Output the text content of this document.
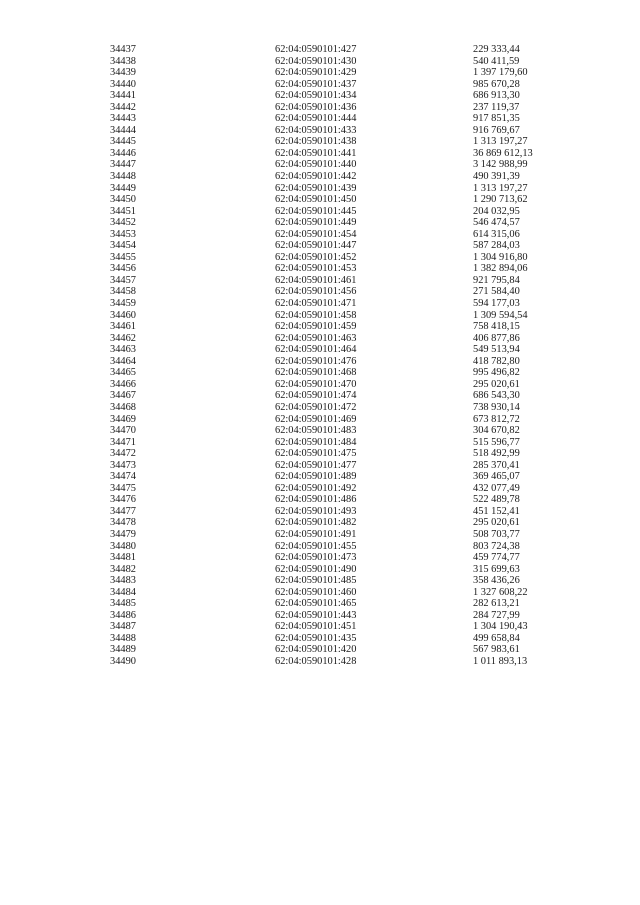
34437	62:04:0590101:427	229 333,44
34438	62:04:0590101:430	540 411,59
34439	62:04:0590101:429	1 397 179,60
34440	62:04:0590101:437	985 670,28
34441	62:04:0590101:434	686 913,30
34442	62:04:0590101:436	237 119,37
34443	62:04:0590101:444	917 851,35
34444	62:04:0590101:433	916 769,67
34445	62:04:0590101:438	1 313 197,27
34446	62:04:0590101:441	36 869 612,13
34447	62:04:0590101:440	3 142 988,99
34448	62:04:0590101:442	490 391,39
34449	62:04:0590101:439	1 313 197,27
34450	62:04:0590101:450	1 290 713,62
34451	62:04:0590101:445	204 032,95
34452	62:04:0590101:449	546 474,57
34453	62:04:0590101:454	614 315,06
34454	62:04:0590101:447	587 284,03
34455	62:04:0590101:452	1 304 916,80
34456	62:04:0590101:453	1 382 894,06
34457	62:04:0590101:461	921 795,84
34458	62:04:0590101:456	271 584,40
34459	62:04:0590101:471	594 177,03
34460	62:04:0590101:458	1 309 594,54
34461	62:04:0590101:459	758 418,15
34462	62:04:0590101:463	406 877,86
34463	62:04:0590101:464	549 513,94
34464	62:04:0590101:476	418 782,80
34465	62:04:0590101:468	995 496,82
34466	62:04:0590101:470	295 020,61
34467	62:04:0590101:474	686 543,30
34468	62:04:0590101:472	738 930,14
34469	62:04:0590101:469	673 812,72
34470	62:04:0590101:483	304 670,82
34471	62:04:0590101:484	515 596,77
34472	62:04:0590101:475	518 492,99
34473	62:04:0590101:477	285 370,41
34474	62:04:0590101:489	369 465,07
34475	62:04:0590101:492	432 077,49
34476	62:04:0590101:486	522 489,78
34477	62:04:0590101:493	451 152,41
34478	62:04:0590101:482	295 020,61
34479	62:04:0590101:491	508 703,77
34480	62:04:0590101:455	803 724,38
34481	62:04:0590101:473	459 774,77
34482	62:04:0590101:490	315 699,63
34483	62:04:0590101:485	358 436,26
34484	62:04:0590101:460	1 327 608,22
34485	62:04:0590101:465	282 613,21
34486	62:04:0590101:443	284 727,99
34487	62:04:0590101:451	1 304 190,43
34488	62:04:0590101:435	499 658,84
34489	62:04:0590101:420	567 983,61
34490	62:04:0590101:428	1 011 893,13
